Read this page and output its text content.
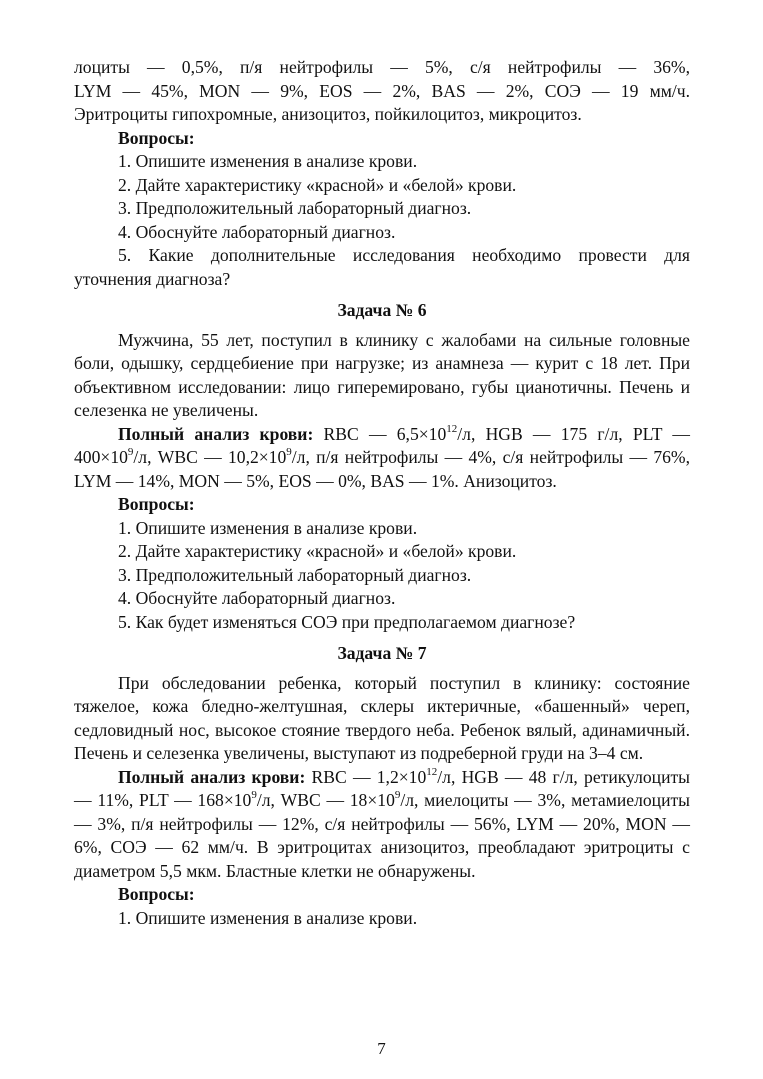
лоциты — 0,5%, п/я нейтрофилы — 5%, с/я нейтрофилы — 36%,

LYM — 45%, MON — 9%, EOS — 2%, BAS — 2%, СОЭ — 19 мм/ч.

Эритроциты гипохромные, анизоцитоз, пойкилоцитоз, микроцитоз.

Вопросы:

1. Опишите изменения в анализе крови.

2. Дайте характеристику «красной» и «белой» крови.

3. Предположительный лабораторный диагноз.

4. Обоснуйте лабораторный диагноз.

5. Какие дополнительные исследования необходимо провести для уточнения диагноза?

Задача № 6

Мужчина, 55 лет, поступил в клинику с жалобами на сильные головные боли, одышку, сердцебиение при нагрузке; из анамнеза — курит с 18 лет. При объективном исследовании: лицо гиперемировано, губы цианотичны. Печень и селезенка не увеличены.

Полный анализ крови: RBC — $6,5\times 10^{12}/л$, HGB — 175 г/л, PLT — $400\times 10^9/л$, WBC — $10,2\times 10^9/л$, п/я нейтрофилы — 4%, с/я нейтрофилы — 76%, LYM — 14%, MON — 5%, EOS — 0%, BAS — 1%. Анизоцитоз.

Вопросы:

1. Опишите изменения в анализе крови.

2. Дайте характеристику «красной» и «белой» крови.

3. Предположительный лабораторный диагноз.

4. Обоснуйте лабораторный диагноз.

5. Как будет изменяться СОЭ при предполагаемом диагнозе?

Задача № 7

При обследовании ребенка, который поступил в клинику: состояние тяжелое, кожа бледно-желтушная, склеры иктеричные, «башенный» череп, седловидный нос, высокое стояние твердого неба. Ребенок вялый, адинамичный. Печень и селезенка увеличены, выступают из подреберной груди на 3–4 см.

Полный анализ крови: RBC — $1,2\times 10^{12}/л$, HGB — 48 г/л, ретикулоциты — 11%, PLT — $168\times 10^9/л$, WBC — $18\times 10^9/л$, миелоциты — 3%, метамиелоциты — 3%, п/я нейтрофилы — 12%, с/я нейтрофилы — 56%, LYM — 20%, MON — 6%, СОЭ — 62 мм/ч. В эритроцитах анизоцитоз, преобладают эритроциты с диаметром 5,5 мкм. Бластные клетки не обнаружены.

Вопросы:

1. Опишите изменения в анализе крови.

7
